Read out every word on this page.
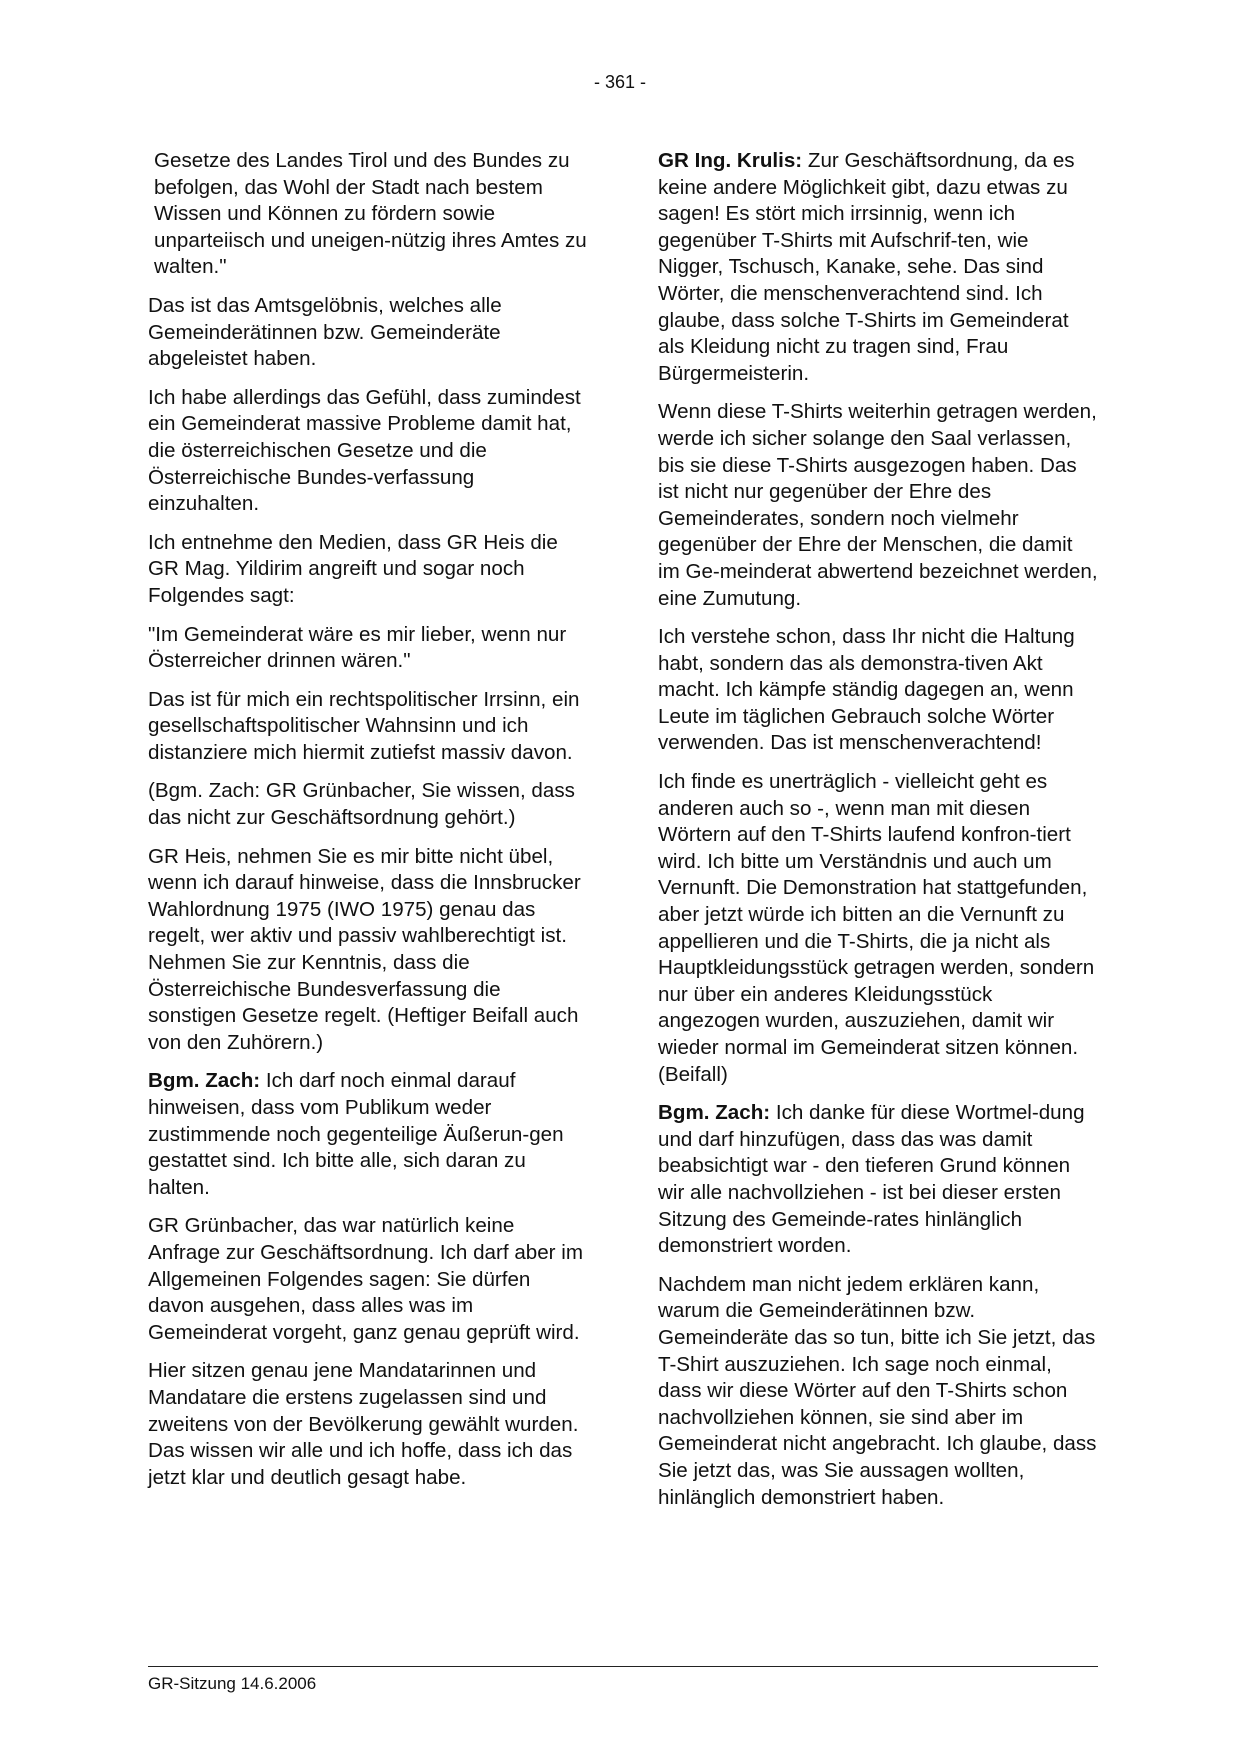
- 361 -

Gesetze des Landes Tirol und des Bundes zu befolgen, das Wohl der Stadt nach bestem Wissen und Können zu fördern sowie unparteiisch und uneigen-nützig ihres Amtes zu walten."

Das ist das Amtsgelöbnis, welches alle Gemeinderätinnen bzw. Gemeinderäte abgeleistet haben.

Ich habe allerdings das Gefühl, dass zumindest ein Gemeinderat massive Probleme damit hat, die österreichischen Gesetze und die Österreichische Bundes-verfassung einzuhalten.

Ich entnehme den Medien, dass GR Heis die GR Mag. Yildirim angreift und sogar noch Folgendes sagt:

"Im Gemeinderat wäre es mir lieber, wenn nur Österreicher drinnen wären."

Das ist für mich ein rechtspolitischer Irrsinn, ein gesellschaftspolitischer Wahnsinn und ich distanziere mich hiermit zutiefst massiv davon.

(Bgm. Zach: GR Grünbacher, Sie wissen, dass das nicht zur Geschäftsordnung gehört.)

GR Heis, nehmen Sie es mir bitte nicht übel, wenn ich darauf hinweise, dass die Innsbrucker Wahlordnung 1975 (IWO 1975) genau das regelt, wer aktiv und passiv wahlberechtigt ist. Nehmen Sie zur Kenntnis, dass die Österreichische Bundesverfassung die sonstigen Gesetze regelt. (Heftiger Beifall auch von den Zuhörern.)

Bgm. Zach: Ich darf noch einmal darauf hinweisen, dass vom Publikum weder zustimmende noch gegenteilige Äußerun-gen gestattet sind. Ich bitte alle, sich daran zu halten.

GR Grünbacher, das war natürlich keine Anfrage zur Geschäftsordnung. Ich darf aber im Allgemeinen Folgendes sagen: Sie dürfen davon ausgehen, dass alles was im Gemeinderat vorgeht, ganz genau geprüft wird.

Hier sitzen genau jene Mandatarinnen und Mandatare die erstens zugelassen sind und zweitens von der Bevölkerung gewählt wurden. Das wissen wir alle und ich hoffe, dass ich das jetzt klar und deutlich gesagt habe.

GR Ing. Krulis: Zur Geschäftsordnung, da es keine andere Möglichkeit gibt, dazu etwas zu sagen! Es stört mich irrsinnig, wenn ich gegenüber T-Shirts mit Aufschrif-ten, wie Nigger, Tschusch, Kanake, sehe. Das sind Wörter, die menschenverachtend sind. Ich glaube, dass solche T-Shirts im Gemeinderat als Kleidung nicht zu tragen sind, Frau Bürgermeisterin.

Wenn diese T-Shirts weiterhin getragen werden, werde ich sicher solange den Saal verlassen, bis sie diese T-Shirts ausgezogen haben. Das ist nicht nur gegenüber der Ehre des Gemeinderates, sondern noch vielmehr gegenüber der Ehre der Menschen, die damit im Ge-meinderat abwertend bezeichnet werden, eine Zumutung.

Ich verstehe schon, dass Ihr nicht die Haltung habt, sondern das als demonstra-tiven Akt macht. Ich kämpfe ständig dagegen an, wenn Leute im täglichen Gebrauch solche Wörter verwenden. Das ist menschenverachtend!

Ich finde es unerträglich - vielleicht geht es anderen auch so -, wenn man mit diesen Wörtern auf den T-Shirts laufend konfron-tiert wird. Ich bitte um Verständnis und auch um Vernunft. Die Demonstration hat stattgefunden, aber jetzt würde ich bitten an die Vernunft zu appellieren und die T-Shirts, die ja nicht als Hauptkleidungsstück getragen werden, sondern nur über ein anderes Kleidungsstück angezogen wurden, auszuziehen, damit wir wieder normal im Gemeinderat sitzen können. (Beifall)

Bgm. Zach: Ich danke für diese Wortmel-dung und darf hinzufügen, dass das was damit beabsichtigt war - den tieferen Grund können wir alle nachvollziehen - ist bei dieser ersten Sitzung des Gemeinde-rates hinlänglich demonstriert worden.

Nachdem man nicht jedem erklären kann, warum die Gemeinderätinnen bzw. Gemeinderäte das so tun, bitte ich Sie jetzt, das T-Shirt auszuziehen. Ich sage noch einmal, dass wir diese Wörter auf den T-Shirts schon nachvollziehen können, sie sind aber im Gemeinderat nicht angebracht. Ich glaube, dass Sie jetzt das, was Sie aussagen wollten, hinlänglich demonstriert haben.

GR-Sitzung 14.6.2006
